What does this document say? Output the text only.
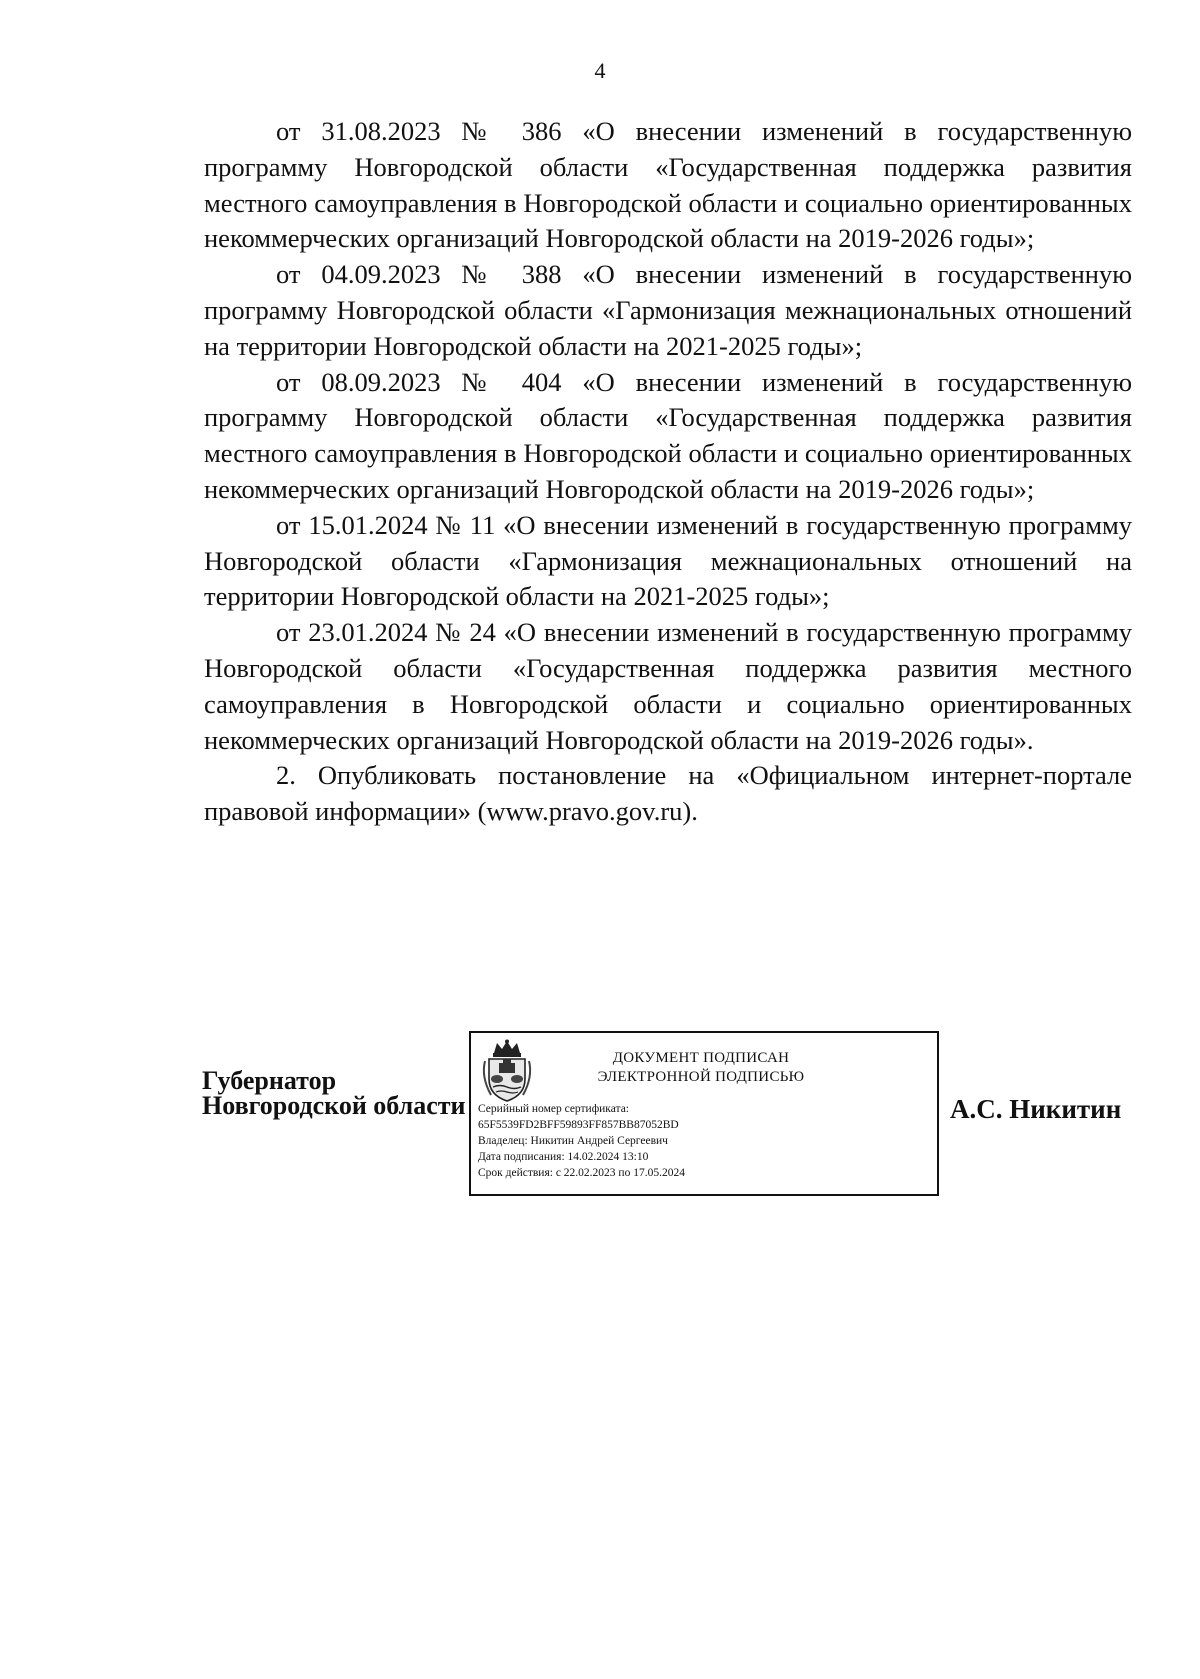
4

от 31.08.2023 № 386 «О внесении изменений в государственную программу Новгородской области «Государственная поддержка развития местного самоуправления в Новгородской области и социально ориентированных некоммерческих организаций Новгородской области на 2019-2026 годы»;

от 04.09.2023 № 388 «О внесении изменений в государственную программу Новгородской области «Гармонизация межнациональных отношений на территории Новгородской области на 2021-2025 годы»;

от 08.09.2023 № 404 «О внесении изменений в государственную программу Новгородской области «Государственная поддержка развития местного самоуправления в Новгородской области и социально ориентированных некоммерческих организаций Новгородской области на 2019-2026 годы»;

от 15.01.2024 № 11 «О внесении изменений в государственную программу Новгородской области «Гармонизация межнациональных отношений на территории Новгородской области на 2021-2025 годы»;

от 23.01.2024 № 24 «О внесении изменений в государственную программу Новгородской области «Государственная поддержка развития местного самоуправления в Новгородской области и социально ориентированных некоммерческих организаций Новгородской области на 2019-2026 годы».

2. Опубликовать постановление на «Официальном интернет-портале правовой информации» (www.pravo.gov.ru).

Губернатор
Новгородской области
ДОКУМЕНТ ПОДПИСАН
ЭЛЕКТРОННОЙ ПОДПИСЬЮ
Серийный номер сертификата:
65F5539FD2BFF59893FF857BB87052BD
Владелец: Никитин Андрей Сергеевич
Дата подписания: 14.02.2024 13:10
Срок действия: с 22.02.2023 по 17.05.2024
А.С. Никитин
